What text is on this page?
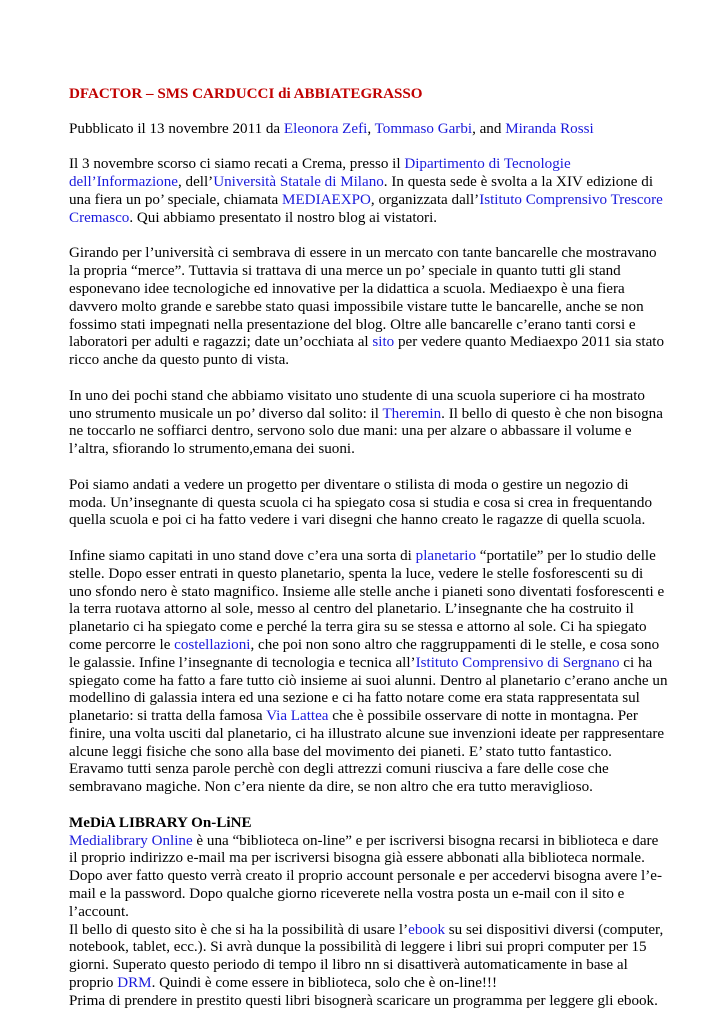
DFACTOR – SMS CARDUCCI di ABBIATEGRASSO

Pubblicato il 13 novembre 2011 da Eleonora Zefi, Tommaso Garbi, and Miranda Rossi

Il 3 novembre scorso ci siamo recati a Crema, presso il Dipartimento di Tecnologie dell’Informazione, dell’Università Statale di Milano. In questa sede è svolta a la XIV edizione di una fiera un po’ speciale, chiamata MEDIAEXPO, organizzata dall’Istituto Comprensivo Trescore Cremasco. Qui abbiamo presentato il nostro blog ai vistatori.

Girando per l’università ci sembrava di essere in un mercato con tante bancarelle che mostravano la propria “merce”. Tuttavia si trattava di una merce un po’ speciale in quanto tutti gli stand esponevano idee tecnologiche ed innovative per la didattica a scuola. Mediaexpo è una fiera davvero molto grande e sarebbe stato quasi impossibile vistare tutte le bancarelle, anche se non fossimo stati impegnati nella presentazione del blog. Oltre alle bancarelle c’erano tanti corsi e laboratori per adulti e ragazzi; date un’occhiata al sito per vedere quanto Mediaexpo 2011 sia stato ricco anche da questo punto di vista.

In uno dei pochi stand che abbiamo visitato uno studente di una scuola superiore ci ha mostrato uno strumento musicale un po’ diverso dal solito: il Theremin. Il bello di questo è che non bisogna ne toccarlo ne soffiarci dentro, servono solo due mani: una per alzare o abbassare il volume e l’altra, sfiorando lo strumento,emana dei suoni.

Poi siamo andati a vedere un progetto per diventare o stilista di moda o gestire un negozio di moda. Un’insegnante di questa scuola ci ha spiegato cosa si studia e cosa si crea in frequentando quella scuola e poi ci ha fatto vedere i vari disegni che hanno creato le ragazze di quella scuola.

Infine siamo capitati in uno stand dove c’era una sorta di planetario “portatile” per lo studio delle stelle. Dopo esser entrati in questo planetario, spenta la luce, vedere le stelle fosforescenti su di uno sfondo nero è stato magnifico. Insieme alle stelle anche i pianeti sono diventati fosforescenti e la terra ruotava attorno al sole, messo al centro del planetario. L’insegnante che ha costruito il planetario ci ha spiegato come e perché la terra gira su se stessa e attorno al sole. Ci ha spiegato come percorre le costellazioni, che poi non sono altro che raggruppamenti di le stelle, e cosa sono le galassie. Infine l’insegnante di tecnologia e tecnica all’Istituto Comprensivo di Sergnano ci ha spiegato come ha fatto a fare tutto ciò insieme ai suoi alunni. Dentro al planetario c’erano anche un modellino di galassia intera ed una sezione e ci ha fatto notare come era stata rappresentata sul planetario: si tratta della famosa Via Lattea che è possibile osservare di notte in montagna. Per finire, una volta usciti dal planetario, ci ha illustrato alcune sue invenzioni ideate per rappresentare alcune leggi fisiche che sono alla base del movimento dei pianeti. E’ stato tutto fantastico. Eravamo tutti senza parole perchè con degli attrezzi comuni riusciva a fare delle cose che sembravano magiche. Non c’era niente da dire, se non altro che era tutto meraviglioso.

MeDiA LIBRARY On-LiNE

Medialibrary Online è una “biblioteca on-line” e per iscriversi bisogna recarsi in biblioteca e dare il proprio indirizzo e-mail ma per iscriversi bisogna già essere abbonati alla biblioteca normale. Dopo aver fatto questo verrà creato il proprio account personale e per accedervi bisogna avere l’e-mail e la password. Dopo qualche giorno riceverete nella vostra posta un e-mail con il sito e l’account.

Il bello di questo sito è che si ha la possibilità di usare l’ebook su sei dispositivi diversi (computer, notebook, tablet, ecc.). Si avrà dunque la possibilità di leggere i libri sui propri computer per 15 giorni. Superato questo periodo di tempo il libro nn si disattiverà automaticamente in base al proprio DRM. Quindi è come essere in biblioteca, solo che è on-line!!!

Prima di prendere in prestito questi libri bisognerà scaricare un programma per leggere gli ebook.
